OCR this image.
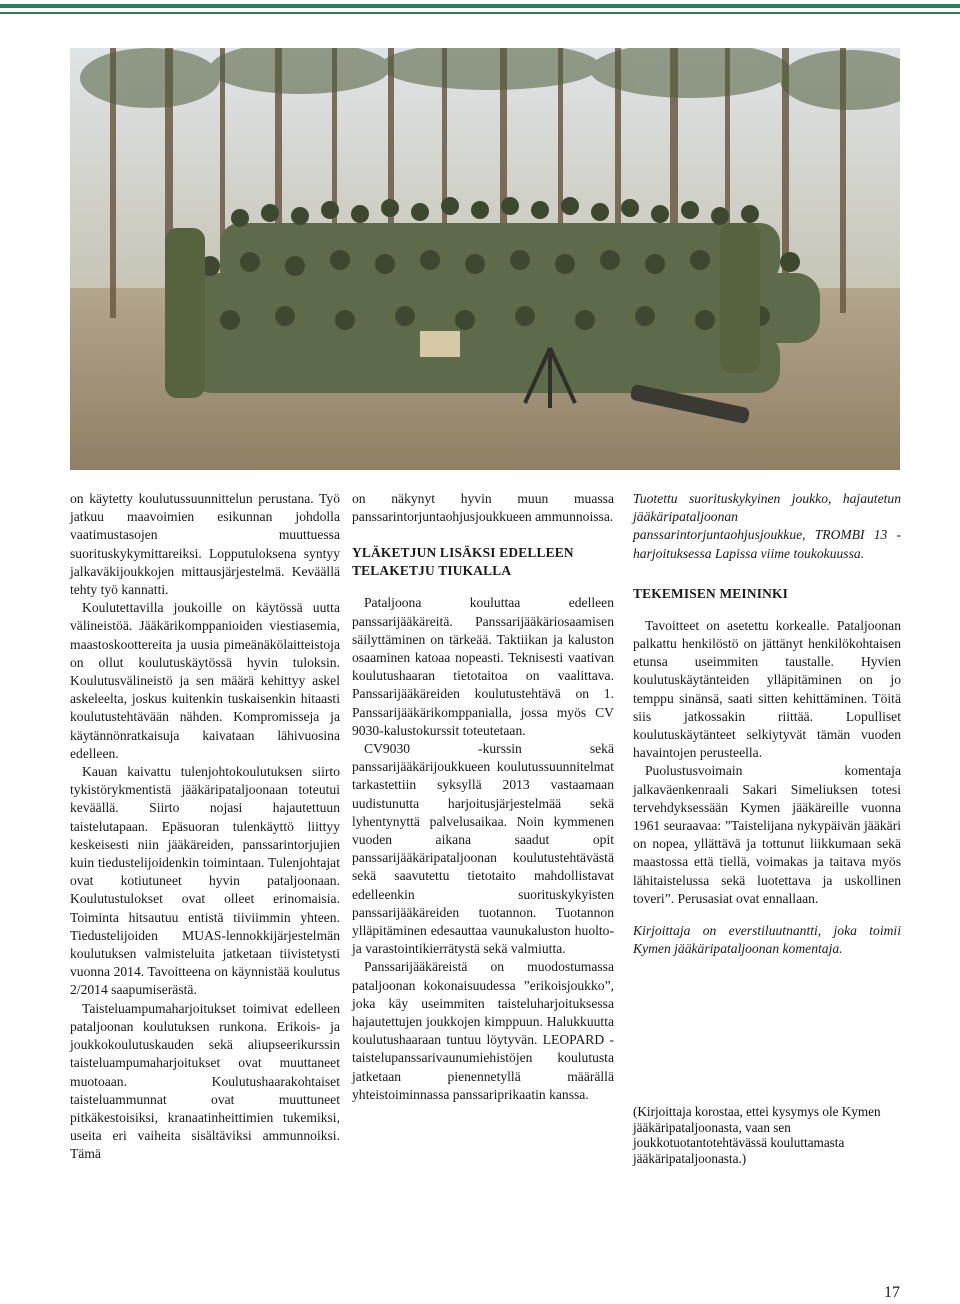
on käytetty koulutussuunnittelun perustana. Työ jatkuu maavoimien esikunnan johdolla vaatimustasojen muuttuessa suorituskykymittareiksi. Lopputuloksena syntyy jalkaväkijoukkojen mittausjärjestelmä. Keväällä tehty työ kannatti.

Koulutettavilla joukoille on käytössä uutta välineistöä. Jääkärikomppanioiden viestiasemia, maastoskoottereita ja uusia pimeänäkölaitteistoja on ollut koulutuskäytössä hyvin tuloksin. Koulutusvälineistö ja sen määrä kehittyy askel askeleelta, joskus kuitenkin tuskaisenkin hitaasti koulutustehtävään nähden. Kompromisseja ja käytännönratkaisuja kaivataan lähivuosina edelleen.

Kauan kaivattu tulenjohtokoulutuksen siirto tykistörykmentistä jääkäripataljoonaan toteutui keväällä. Siirto nojasi hajautettuun taistelutapaan. Epäsuoran tulenkäyttö liittyy keskeisesti niin jääkäreiden, panssarintorjujien kuin tiedustelijoidenkin toimintaan. Tulenjohtajat ovat kotiutuneet hyvin pataljoonaan. Koulutustulokset ovat olleet erinomaisia. Toiminta hitsautuu entistä tiiviimmin yhteen. Tiedustelijoiden MUAS-lennokkijärjestelmän koulutuksen valmisteluita jatketaan tiivistetysti vuonna 2014. Tavoitteena on käynnistää koulutus 2/2014 saapumiserästä.

Taisteluampumaharjoitukset toimivat edelleen pataljoonan koulutuksen runkona. Erikois- ja joukkokoulutuskauden sekä aliupseerikurssin taisteluampumaharjoitukset ovat muuttaneet muotoaan. Koulutushaarakohtaiset taisteluammunnat ovat muuttuneet pitkäkestoisiksi, kranaatinheittimien tukemiksi, useita eri vaiheita sisältäviksi ammunnoiksi. Tämä

on näkynyt hyvin muun muassa panssarintorjuntaohjusjoukkueen ammunnoissa.

YLÄKETJUN LISÄKSI EDELLEEN TELAKETJU TIUKALLA

Pataljoona kouluttaa edelleen panssarijääkäreitä. Panssarijääkäriosaamisen säilyttäminen on tärkeää. Taktiikan ja kaluston osaaminen katoaa nopeasti. Teknisesti vaativan koulutushaaran tietotaitoa on vaalittava. Panssarijääkäreiden koulutustehtävä on 1. Panssarijääkärikomppanialla, jossa myös CV 9030-kalustokurssit toteutetaan.

CV9030 -kurssin sekä panssarijääkärijoukkueen koulutussuunnitelmat tarkastettiin syksyllä 2013 vastaamaan uudistunutta harjoitusjärjestelmää sekä lyhentynyttä palvelusaikaa. Noin kymmenen vuoden aikana saadut opit panssarijääkäripataljoonan koulutustehtävästä sekä saavutettu tietotaito mahdollistavat edelleenkin suorituskykyisten panssarijääkäreiden tuotannon. Tuotannon ylläpitäminen edesauttaa vaunukaluston huolto- ja varastointikierrätystä sekä valmiutta.

Panssarijääkäreistä on muodostumassa pataljoonan kokonaisuudessa ”erikoisjoukko”, joka käy useimmiten taisteluharjoituksessa hajautettujen joukkojen kimppuun. Halukkuutta koulutushaaraan tuntuu löytyvän. LEOPARD -taistelupanssarivaunumiehistöjen koulutusta jatketaan pienennetyllä määrällä yhteistoiminnassa panssariprikaatin kanssa.

Tuotettu suorituskykyinen joukko, hajautetun jääkäripataljoonan panssarintorjuntaohjusjoukkue, TROMBI 13 -harjoituksessa Lapissa viime toukokuussa.

TEKEMISEN MEININKI

Tavoitteet on asetettu korkealle. Pataljoonan palkattu henkilöstö on jättänyt henkilökohtaisen etunsa useimmiten taustalle. Hyvien koulutuskäytänteiden ylläpitäminen on jo temppu sinänsä, saati sitten kehittäminen. Töitä siis jatkossakin riittää. Lopulliset koulutuskäytänteet selkiytyvät tämän vuoden havaintojen perusteella.

Puolustusvoimain komentaja jalkaväenkenraali Sakari Simeliuksen totesi tervehdyksessään Kymen jääkäreille vuonna 1961 seuraavaa: ”Taistelijana nykypäivän jääkäri on nopea, yllättävä ja tottunut liikkumaan sekä maastossa että tiellä, voimakas ja taitava myös lähitaistelussa sekä luotettava ja uskollinen toveri”. Perusasiat ovat ennallaan.

Kirjoittaja on everstiluutnantti, joka toimii Kymen jääkäripataljoonan komentaja.

(Kirjoittaja korostaa, ettei kysymys ole Kymen jääkäripataljoonasta, vaan sen joukkotuotantotehtävässä kouluttamasta jääkäripataljoonasta.)
17
